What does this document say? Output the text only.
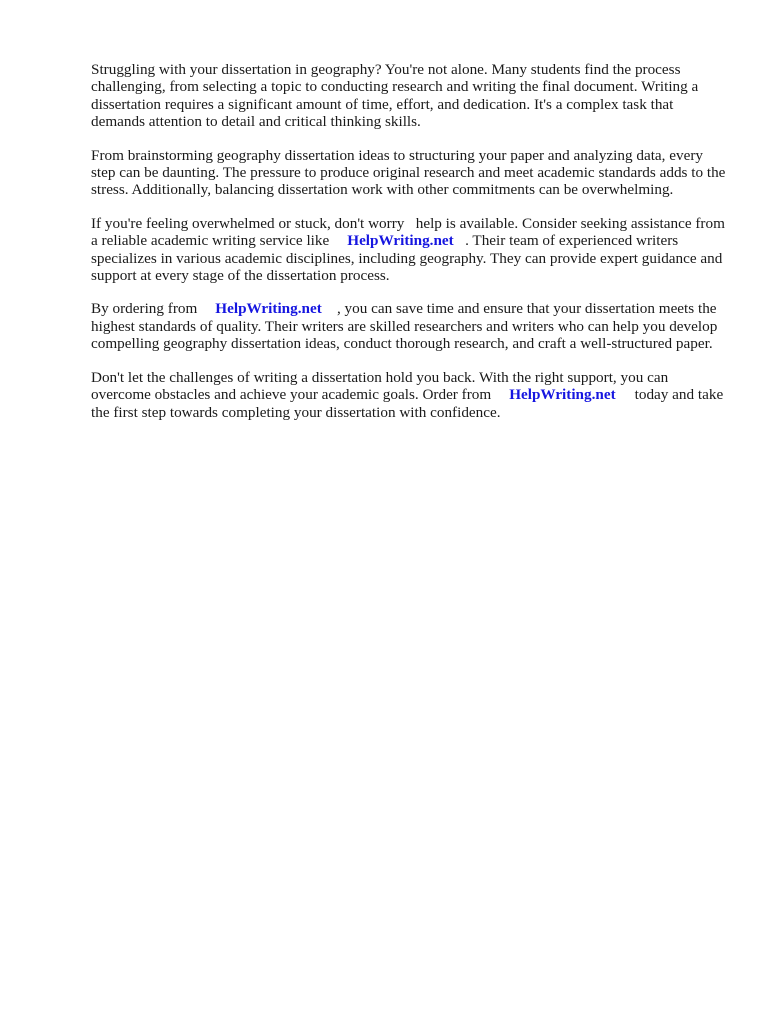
Struggling with your dissertation in geography? You're not alone. Many students find the process challenging, from selecting a topic to conducting research and writing the final document. Writing a dissertation requires a significant amount of time, effort, and dedication. It's a complex task that demands attention to detail and critical thinking skills.

From brainstorming geography dissertation ideas to structuring your paper and analyzing data, every step can be daunting. The pressure to produce original research and meet academic standards adds to the stress. Additionally, balancing dissertation work with other commitments can be overwhelming.

If you're feeling overwhelmed or stuck, don't worry   help is available. Consider seeking assistance from a reliable academic writing service like HelpWriting.net . Their team of experienced writers specializes in various academic disciplines, including geography. They can provide expert guidance and support at every stage of the dissertation process.

By ordering from HelpWriting.net , you can save time and ensure that your dissertation meets the highest standards of quality. Their writers are skilled researchers and writers who can help you develop compelling geography dissertation ideas, conduct thorough research, and craft a well-structured paper.

Don't let the challenges of writing a dissertation hold you back. With the right support, you can overcome obstacles and achieve your academic goals. Order from HelpWriting.net today and take the first step towards completing your dissertation with confidence.
